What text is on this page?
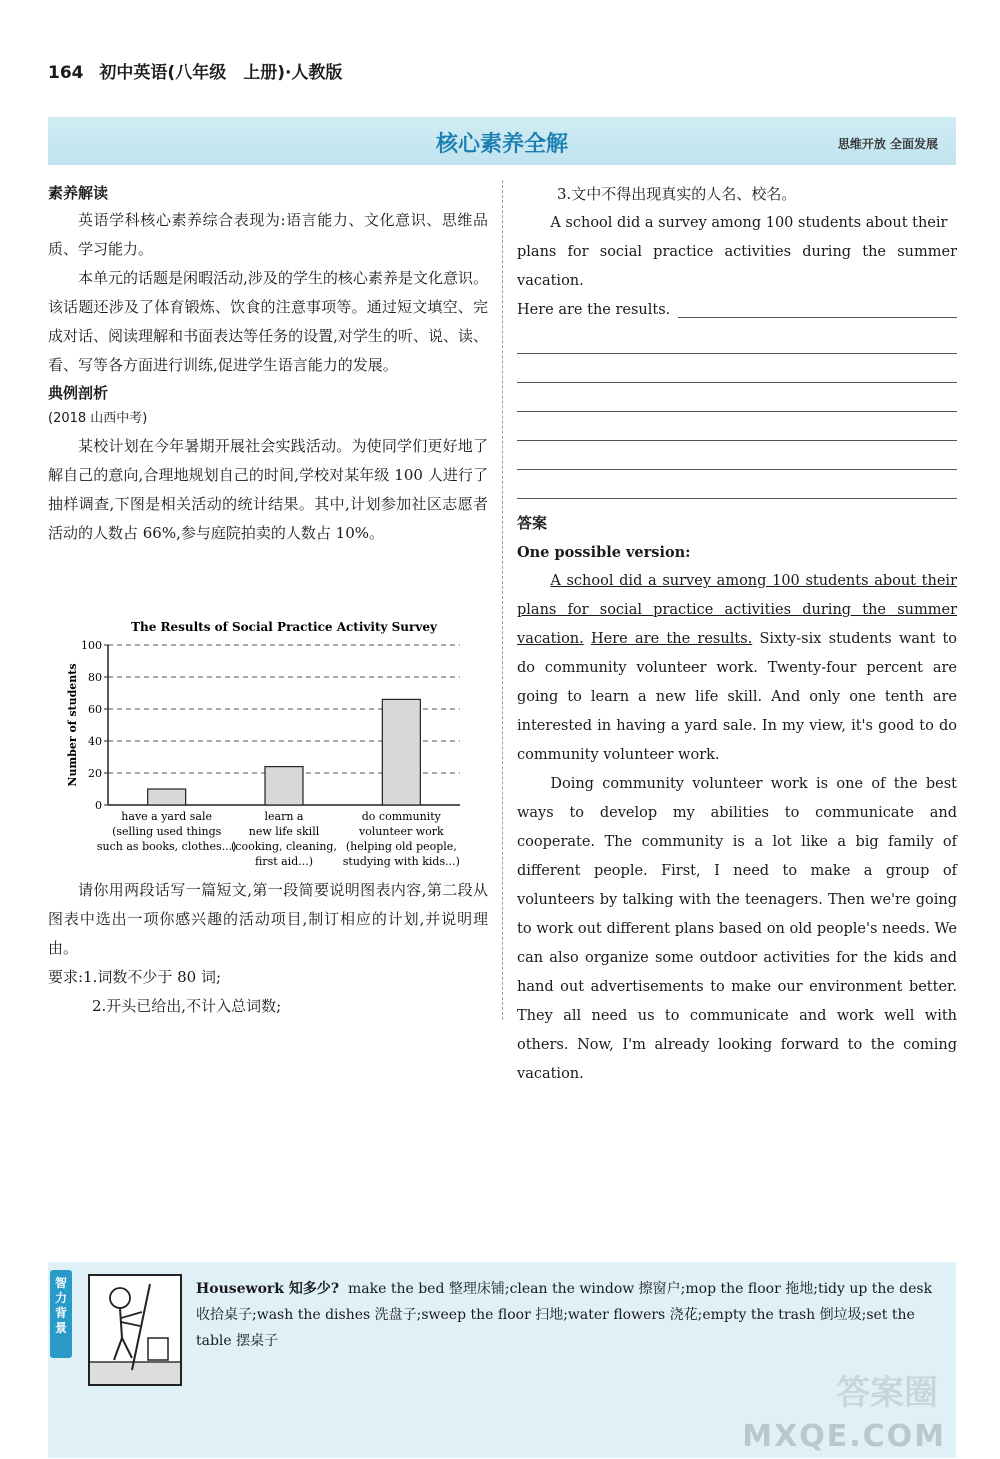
164 初中英语(八年级　上册)·人教版
核心素养全解	思维开放 全面发展
素养解读

英语学科核心素养综合表现为:语言能力、文化意识、思维品质、学习能力。

本单元的话题是闲暇活动,涉及的学生的核心素养是文化意识。该话题还涉及了体育锻炼、饮食的注意事项等。通过短文填空、完成对话、阅读理解和书面表达等任务的设置,对学生的听、说、读、看、写等各方面进行训练,促进学生语言能力的发展。

典例剖析
(2018 山西中考)

某校计划在今年暑期开展社会实践活动。为使同学们更好地了解自己的意向,合理地规划自己的时间,学校对某年级 100 人进行了抽样调查,下图是相关活动的统计结果。其中,计划参加社区志愿者活动的人数占 66%,参与庭院拍卖的人数占 10%。

The Results of Social Practice Activity Survey
0
20
40
60
80
100
Number of students
have a yard sale
(selling used things
such as books, clothes...)
learn a
new life skill
(cooking, cleaning,
first aid...)
do community
volunteer work
(helping old people,
studying with kids...)

请你用两段话写一篇短文,第一段简要说明图表内容,第二段从图表中选出一项你感兴趣的活动项目,制订相应的计划,并说明理由。

要求:1.词数不少于 80 词;

2.开头已给出,不计入总词数;

3.文中不得出现真实的人名、校名。

A school did a survey among 100 students about their

plans for social practice activities during the summer vacation.

Here are the results.
答案
One possible version:

A school did a survey among 100 students about their plans for social practice activities during the summer vacation. Here are the results. Sixty-six students want to do community volunteer work. Twenty-four percent are going to learn a new life skill. And only one tenth are interested in having a yard sale. In my view, it's good to do community volunteer work.

Doing community volunteer work is one of the best ways to develop my abilities to communicate and cooperate. The community is a lot like a big family of different people. First, I need to make a group of volunteers by talking with the teenagers. Then we're going to work out different plans based on old people's needs. We can also organize some outdoor activities for the kids and hand out advertisements to make our environment better. They all need us to communicate and work well with others. Now, I'm already looking forward to the coming vacation.

智力背景
Housework 知多少? make the bed 整理床铺;clean the window 擦窗户;mop the floor 拖地;tidy up the desk 收拾桌子;wash the dishes 洗盘子;sweep the floor 扫地;water flowers 浇花;empty the trash 倒垃圾;set the table 摆桌子
答案圈
MXQE.COM
